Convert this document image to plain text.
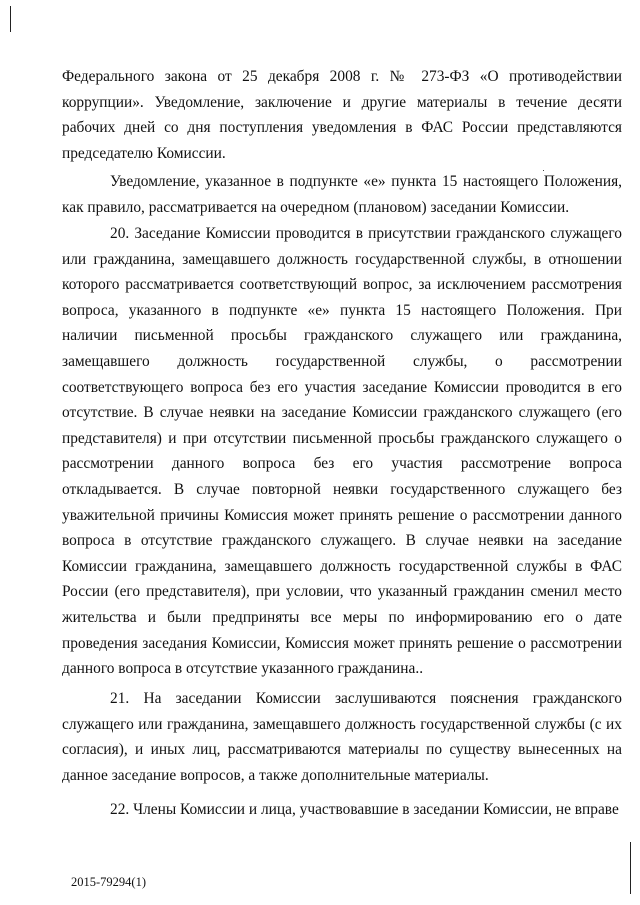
Федерального закона от 25 декабря 2008 г. № 273-ФЗ «О противодействии коррупции». Уведомление, заключение и другие материалы в течение десяти рабочих дней со дня поступления уведомления в ФАС России представляются председателю Комиссии.

Уведомление, указанное в подпункте «е» пункта 15 настоящего Положения, как правило, рассматривается на очередном (плановом) заседании Комиссии.

20. Заседание Комиссии проводится в присутствии гражданского служащего или гражданина, замещавшего должность государственной службы, в отношении которого рассматривается соответствующий вопрос, за исключением рассмотрения вопроса, указанного в подпункте «е» пункта 15 настоящего Положения. При наличии письменной просьбы гражданского служащего или гражданина, замещавшего должность государственной службы, о рассмотрении соответствующего вопроса без его участия заседание Комиссии проводится в его отсутствие. В случае неявки на заседание Комиссии гражданского служащего (его представителя) и при отсутствии письменной просьбы гражданского служащего о рассмотрении данного вопроса без его участия рассмотрение вопроса откладывается. В случае повторной неявки государственного служащего без уважительной причины Комиссия может принять решение о рассмотрении данного вопроса в отсутствие гражданского служащего. В случае неявки на заседание Комиссии гражданина, замещавшего должность государственной службы в ФАС России (его представителя), при условии, что указанный гражданин сменил место жительства и были предприняты все меры по информированию его о дате проведения заседания Комиссии, Комиссия может принять решение о рассмотрении данного вопроса в отсутствие указанного гражданина..

21. На заседании Комиссии заслушиваются пояснения гражданского служащего или гражданина, замещавшего должность государственной службы (с их согласия), и иных лиц, рассматриваются материалы по существу вынесенных на данное заседание вопросов, а также дополнительные материалы.

22. Члены Комиссии и лица, участвовавшие в заседании Комиссии, не вправе

2015-79294(1)
